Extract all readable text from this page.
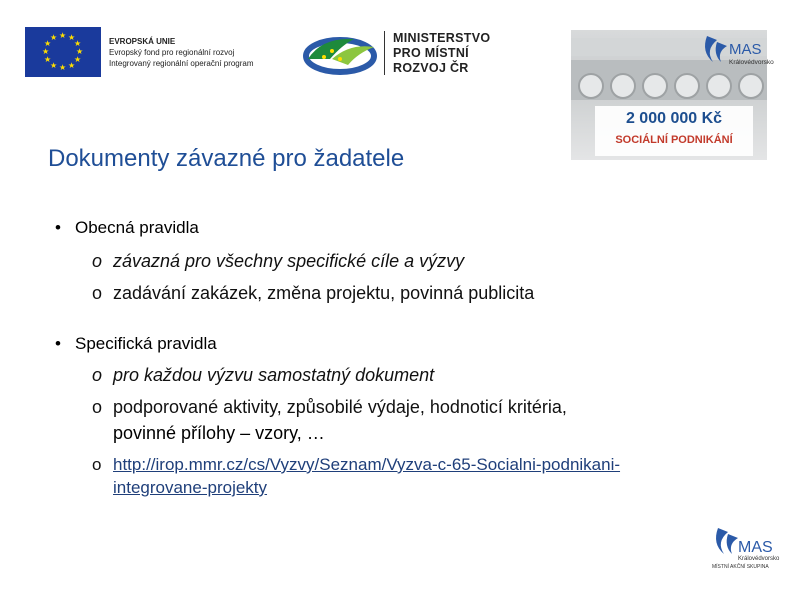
★ ★
★
★
★
★
★
★
★
★
★
★	EVROPSKÁ UNIE
Evropský fond pro regionální rozvoj
Integrovaný regionální operační program
MINISTERSTVO
PRO MÍSTNÍ
ROZVOJ ČR
MAS
Královédvorsko
2 000 000 Kč
SOCIÁLNÍ PODNIKÁNÍ
Dokumenty závazné pro žadatele
• Obecná pravidla
o závazná pro všechny specifické cíle a výzvy
o zadávání zakázek, změna projektu, povinná publicita
• Specifická pravidla
o pro každou výzvu samostatný dokument
o podporované aktivity, způsobilé výdaje, hodnoticí kritéria,
povinné přílohy – vzory, …
o http://irop.mmr.cz/cs/Vyzvy/Seznam/Vyzva-c-65-Socialni-podnikani-
integrovane-projekty
MAS
Královédvorsko
MÍSTNÍ AKČNÍ SKUPINA
